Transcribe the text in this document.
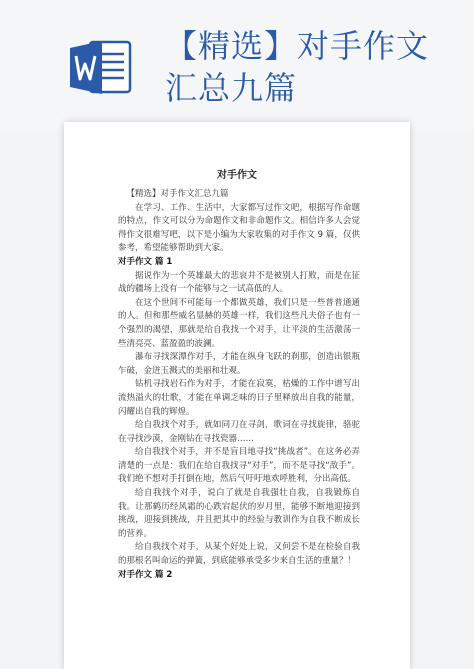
【精选】对手作文
汇总九篇
对手作文

【精选】对手作文汇总九篇

在学习、工作、生活中，大家都写过作文吧，根据写作命题的特点，作文可以分为命题作文和非命题作文。相信许多人会觉得作文很难写吧，以下是小编为大家收集的对手作文 9 篇，仅供参考，希望能够帮助到大家。

对手作文 篇 1

据说作为一个英雄最大的悲哀并不是被别人打败，而是在征战的疆场上没有一个能够与之一试高低的人。

在这个世间不可能每一个都做英雄，我们只是一些普普通通的人。但和那些威名显赫的英雄一样，我们这些凡夫俗子也有一个强烈的渴望，那就是给自我找一个对手，让平淡的生活激荡一些清亮亮、蓝盈盈的波澜。

瀑布寻找深潭作对手，才能在纵身飞跃的刹那，创造出银瓶乍破，金迸玉溅式的美丽和壮观。

钻机寻找岩石作为对手，才能在寂寞，枯燥的工作中谱写出流热溢火的壮歌，才能在单调乏味的日子里释放出自我的能量，闪耀出自我的辉煌。

给自我找个对手，就如同刀在寻剑，歌词在寻找旋律，骆驼在寻找沙漠，金刚钻在寻找瓷器……

给自我找个对手，并不是盲目地寻找“挑战者”。在这务必弄清楚的一点是：我们在给自我找寻“对手”，而不是寻找“敌手”。我们绝不想对手打倒在地，然后气吁吁地欢呼胜利，分出高低。

给自我找个对手，说白了就是自我强壮自我，自我锻炼自我。让那鹤历经风霜的心跌宕起伏的岁月里，能够不断地迎接到挑战，迎接到挑战，并且把其中的经验与教训作为自我不断成长的营养。

给自我找个对手，从某个好处上说，又何尝不是在检验自我的那根名叫命运的弹簧，到底能够承受多少来自生活的重量？！

对手作文 篇 2
